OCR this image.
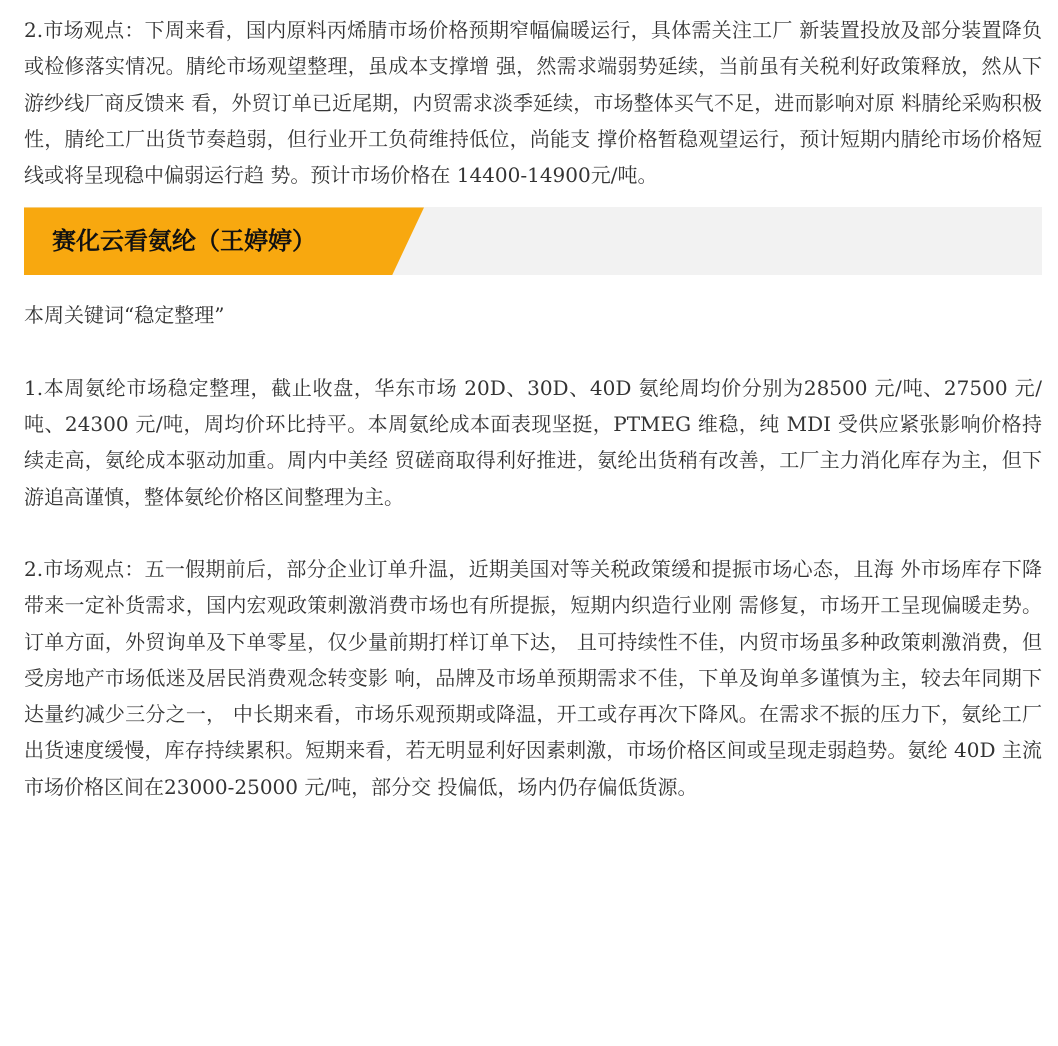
2.市场观点：下周来看，国内原料丙烯腈市场价格预期窄幅偏暖运行，具体需关注工厂 新装置投放及部分装置降负或检修落实情况。腈纶市场观望整理，虽成本支撑增 强，然需求端弱势延续，当前虽有关税利好政策释放，然从下游纱线厂商反馈来 看，外贸订单已近尾期，内贸需求淡季延续，市场整体买气不足，进而影响对原 料腈纶采购积极性，腈纶工厂出货节奏趋弱，但行业开工负荷维持低位，尚能支 撑价格暂稳观望运行，预计短期内腈纶市场价格短线或将呈现稳中偏弱运行趋 势。预计市场价格在 14400-14900元/吨。

赛化云看氨纶（王婷婷）

本周关键词“稳定整理”

1.本周氨纶市场稳定整理，截止收盘，华东市场 20D、30D、40D 氨纶周均价分别为28500 元/吨、27500 元/吨、24300 元/吨，周均价环比持平。本周氨纶成本面表现坚挺，PTMEG 维稳，纯 MDI 受供应紧张影响价格持续走高，氨纶成本驱动加重。周内中美经 贸磋商取得利好推进，氨纶出货稍有改善，工厂主力消化库存为主，但下游追高谨慎，整体氨纶价格区间整理为主。

2.市场观点：五一假期前后，部分企业订单升温，近期美国对等关税政策缓和提振市场心态，且海 外市场库存下降带来一定补货需求，国内宏观政策刺激消费市场也有所提振，短期内织造行业刚 需修复，市场开工呈现偏暖走势。订单方面，外贸询单及下单零星，仅少量前期打样订单下达， 且可持续性不佳，内贸市场虽多种政策刺激消费，但受房地产市场低迷及居民消费观念转变影 响，品牌及市场单预期需求不佳，下单及询单多谨慎为主，较去年同期下达量约减少三分之一， 中长期来看，市场乐观预期或降温，开工或存再次下降风。在需求不振的压力下，氨纶工厂出货速度缓慢，库存持续累积。短期来看，若无明显利好因素刺激，市场价格区间或呈现走弱趋势。氨纶 40D 主流市场价格区间在23000-25000 元/吨，部分交 投偏低，场内仍存偏低货源。
